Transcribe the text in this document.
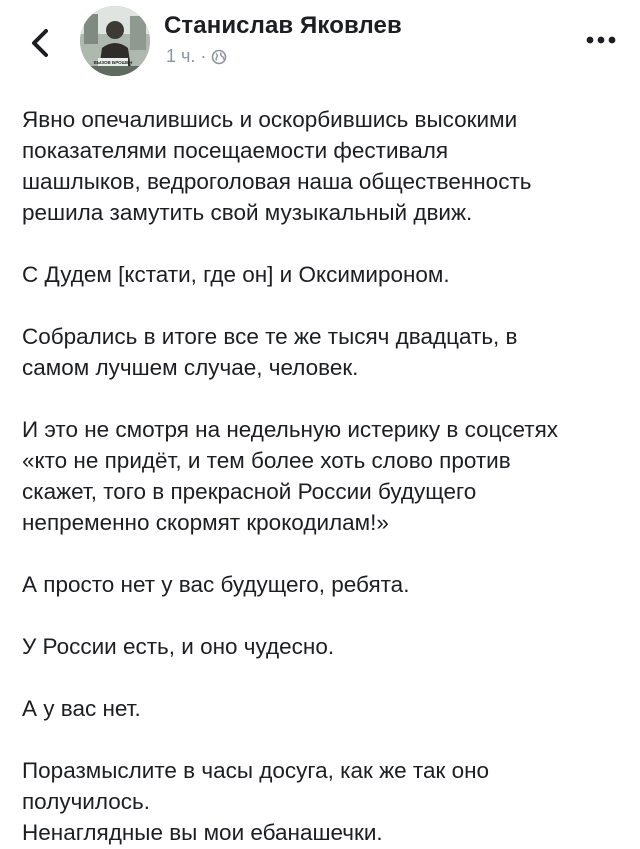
ВЫЗОВ БРОШЕН
Станислав Яковлев
1 ч. ·

Явно опечалившись и оскорбившись высокими
показателями посещаемости фестиваля
шашлыков, ведроголовая наша общественность
решила замутить свой музыкальный движ.

С Дудем [кстати, где он] и Оксимироном.

Собрались в итоге все те же тысяч двадцать, в
самом лучшем случае, человек.

И это не смотря на недельную истерику в соцсетях
«кто не придёт, и тем более хоть слово против
скажет, того в прекрасной России будущего
непременно скормят крокодилам!»

А просто нет у вас будущего, ребята.

У России есть, и оно чудесно.

А у вас нет.

Поразмыслите в часы досуга, как же так оно
получилось.

Ненаглядные вы мои ебанашечки.
